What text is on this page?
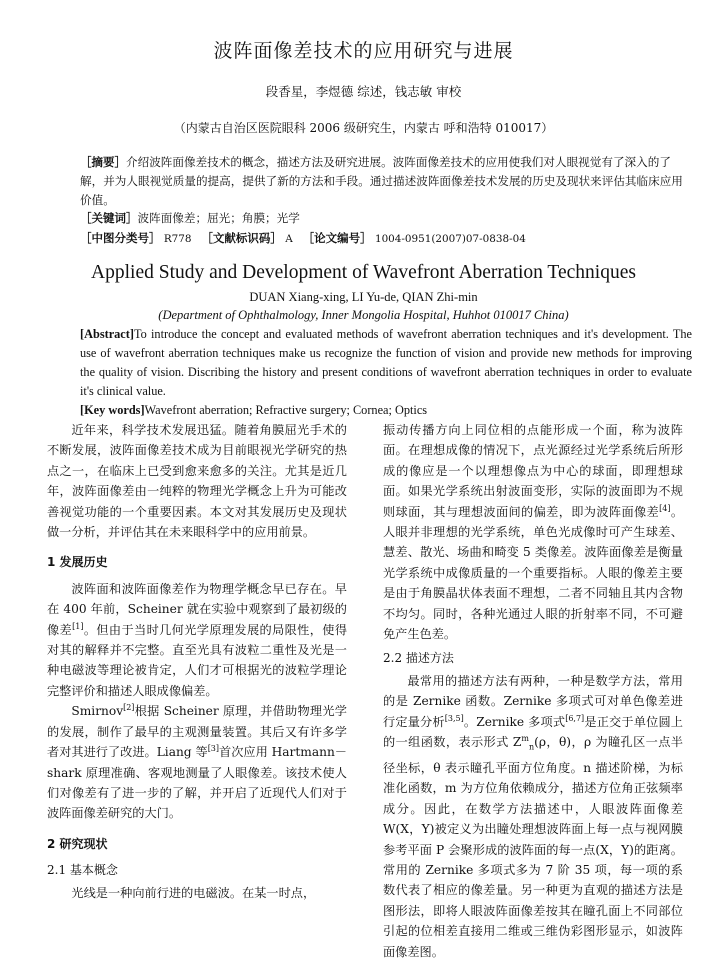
波阵面像差技术的应用研究与进展
段香星，李煜德 综述，钱志敏 审校
（内蒙古自治区医院眼科 2006 级研究生，内蒙古 呼和浩特 010017）
［摘要］介绍波阵面像差技术的概念，描述方法及研究进展。波阵面像差技术的应用使我们对人眼视觉有了深入的了解，并为人眼视觉质量的提高，提供了新的方法和手段。通过描述波阵面像差技术发展的历史及现状来评估其临床应用价值。
［关键词］波阵面像差；屈光；角膜；光学
［中图分类号］ R778 ［文献标识码］ A ［论文编号］ 1004-0951(2007)07-0838-04
Applied Study and Development of Wavefront Aberration Techniques
DUAN Xiang-xing, LI Yu-de, QIAN Zhi-min
(Department of Ophthalmology, Inner Mongolia Hospital, Huhhot 010017 China)
[Abstract]To introduce the concept and evaluated methods of wavefront aberration techniques and it's development. The use of wavefront aberration techniques make us recognize the function of vision and provide new methods for improving the quality of vision. Discribing the history and present conditions of wavefront aberration techniques in order to evaluate it's clinical value.
[Key words]Wavefront aberration; Refractive surgery; Cornea; Optics

近年来，科学技术发展迅猛。随着角膜屈光手术的不断发展，波阵面像差技术成为目前眼视光学研究的热点之一，在临床上已受到愈来愈多的关注。尤其是近几年，波阵面像差由一纯粹的物理光学概念上升为可能改善视觉功能的一个重要因素。本文对其发展历史及现状做一分析，并评估其在未来眼科学中的应用前景。

1 发展历史

波阵面和波阵面像差作为物理学概念早已存在。早在 400 年前，Scheiner 就在实验中观察到了最初级的像差[1]。但由于当时几何光学原理发展的局限性，使得对其的解释并不完整。直至光具有波粒二重性及光是一种电磁波等理论被肯定，人们才可根据光的波粒学理论完整评价和描述人眼成像偏差。

Smirnov[2]根据 Scheiner 原理，并借助物理光学的发展，制作了最早的主观测量装置。其后又有许多学者对其进行了改进。Liang 等[3]首次应用 Hartmann－shark 原理准确、客观地测量了人眼像差。该技术使人们对像差有了进一步的了解，并开启了近现代人们对于波阵面像差研究的大门。

2 研究现状
2.1 基本概念

光线是一种向前行进的电磁波。在某一时点，

振动传播方向上同位相的点能形成一个面，称为波阵面。在理想成像的情况下，点光源经过光学系统后所形成的像应是一个以理想像点为中心的球面，即理想球面。如果光学系统出射波面变形，实际的波面即为不规则球面，其与理想波面间的偏差，即为波阵面像差[4]。人眼并非理想的光学系统，单色光成像时可产生球差、慧差、散光、场曲和畸变 5 类像差。波阵面像差是衡量光学系统中成像质量的一个重要指标。人眼的像差主要是由于角膜晶状体表面不理想，二者不同轴且其内含物不均匀。同时，各种光通过人眼的折射率不同，不可避免产生色差。

2.2 描述方法

最常用的描述方法有两种，一种是数学方法，常用的是 Zernike 函数。Zernike 多项式可对单色像差进行定量分析[3,5]。Zernike 多项式[6,7]是正交于单位圆上的一组函数，表示形式 $Z^m_n(\rho$，θ)，ρ 为瞳孔区一点半径坐标，θ 表示瞳孔平面方位角度。n 描述阶梯，为标准化函数，m 为方位角依赖成分，描述方位角正弦频率成分。因此，在数学方法描述中，人眼波阵面像差 W(X，Y)被定义为出瞳处理想波阵面上每一点与视网膜参考平面 P 会聚形成的波阵面的每一点(X，Y)的距离。常用的 Zernike 多项式多为 7 阶 35 项，每一项的系数代表了相应的像差量。另一种更为直观的描述方法是图形法，即将人眼波阵面像差按其在瞳孔面上不同部位引起的位相差直接用二维或三维伪彩图形显示，如波阵面像差图。
